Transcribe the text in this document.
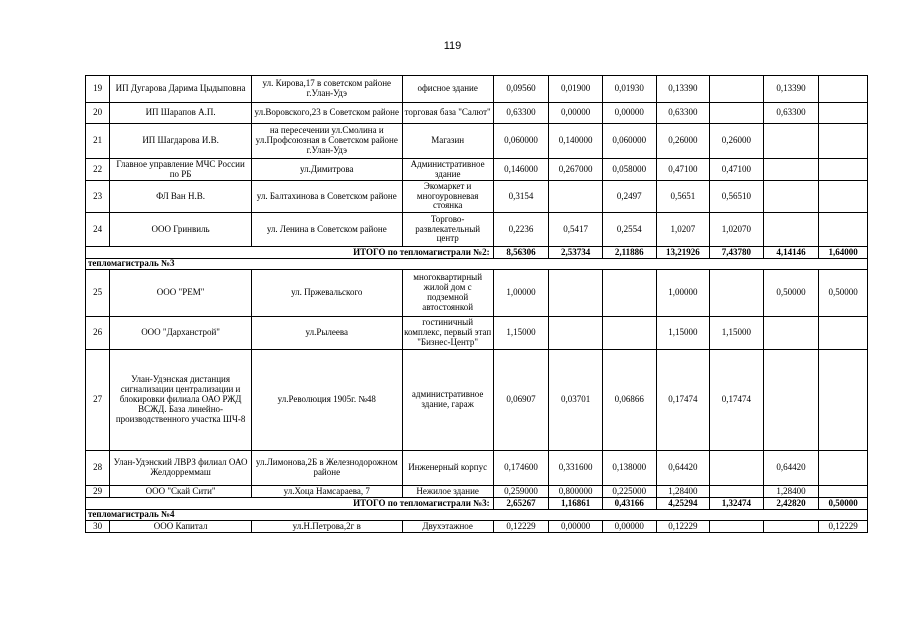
119
19	ИП Дугарова Дарима Цыдыповна	ул. Кирова,17 в советском районе г.Улан-Удэ	офисное здание	0,09560	0,01900	0,01930	0,13390		0,13390	
20	ИП Шарапов А.П.	ул.Воровского,23 в Советском районе	торговая база "Салют"	0,63300	0,00000	0,00000	0,63300		0,63300	
21	ИП Шагдарова И.В.	на пересечении ул.Смолина и ул.Профсоюзная в Советском районе г.Улан-Удэ	Магазин	0,060000	0,140000	0,060000	0,26000	0,26000		
22	Главное управление МЧС России по РБ	ул.Димитрова	Административное здание	0,146000	0,267000	0,058000	0,47100	0,47100		
23	ФЛ Ван Н.В.	ул. Балтахинова в Советском районе	Экомаркет и многоуровневая стоянка	0,3154		0,2497	0,5651	0,56510		
24	ООО Гринвиль	ул. Ленина в Советском районе	Торгово-развлекательный центр	0,2236	0,5417	0,2554	1,0207	1,02070		
ИТОГО по тепломагистрали №2:				8,56306	2,53734	2,11886	13,21926	7,43780	4,14146	1,64000
тепломагистраль №3										
25	ООО "РЕМ"	ул. Пржевальского	многоквартирный жилой дом с подземной автостоянкой	1,00000			1,00000		0,50000	0,50000
26	ООО "Дарханстрой"	ул.Рылеева	гостиничный комплекс, первый этап "Бизнес-Центр"	1,15000			1,15000	1,15000		
27	Улан-Удэнская дистанция сигнализации централизации и блокировки филиала ОАО РЖД ВСЖД. База линейно-производственного участка ШЧ-8	ул.Революция 1905г. №48	административное здание, гараж	0,06907	0,03701	0,06866	0,17474	0,17474		
28	Улан-Удэнский ЛВРЗ филиал ОАО Желдорреммаш	ул.Лимонова,2Б в Железнодорожном районе	Инженерный корпус	0,174600	0,331600	0,138000	0,64420		0,64420	
29	ООО "Скай Сити"	ул.Хоца Намсараева, 7	Нежилое здание	0,259000	0,800000	0,225000	1,28400		1,28400	
ИТОГО по тепломагистрали №3:				2,65267	1,16861	0,43166	4,25294	1,32474	2,42820	0,50000
тепломагистраль №4										
30	ООО Капитал	ул.Н.Петрова,2г в	Двухэтажное	0,12229	0,00000	0,00000	0,12229			0,12229
